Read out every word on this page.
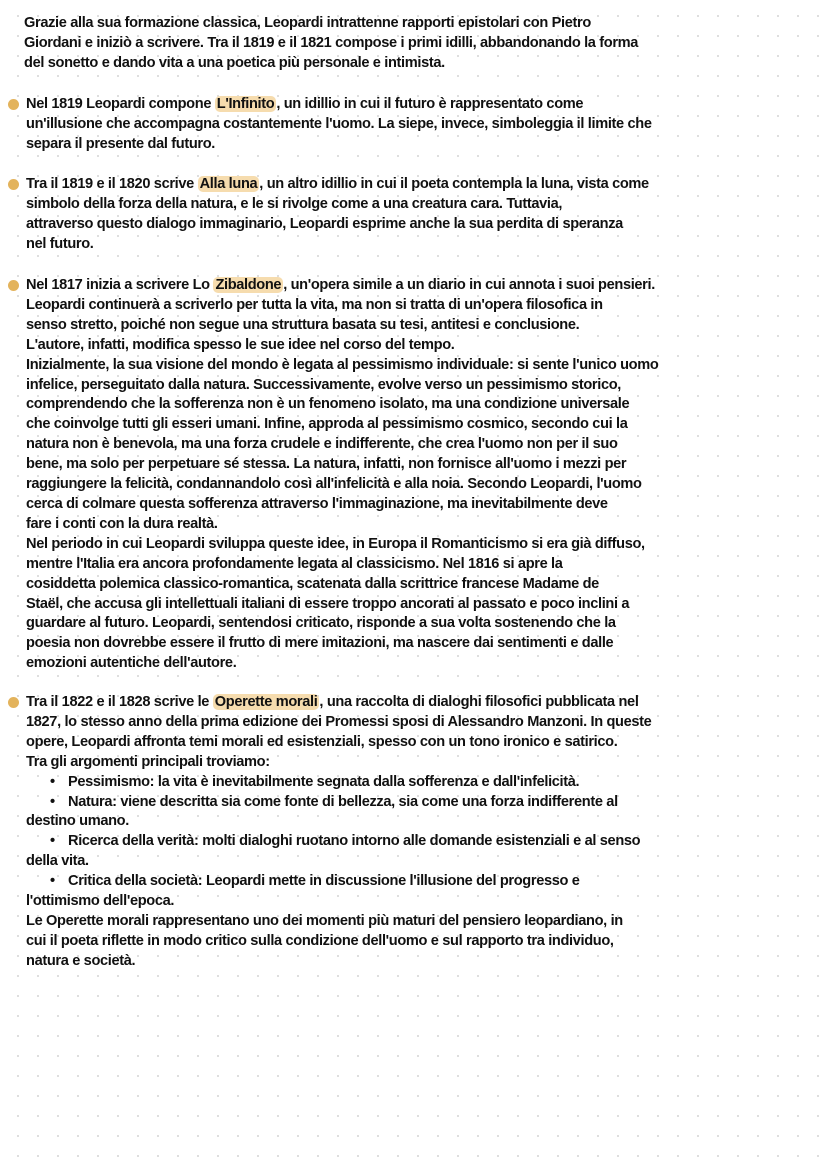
Grazie alla sua formazione classica, Leopardi intrattenne rapporti epistolari con Pietro
Giordani e iniziò a scrivere. Tra il 1819 e il 1821 compose i primi idilli, abbandonando la forma
del sonetto e dando vita a una poetica più personale e intimista.
Nel 1819 Leopardi compone L'Infinito , un idillio in cui il futuro è rappresentato come
un'illusione che accompagna costantemente l'uomo. La siepe, invece, simboleggia il limite che
separa il presente dal futuro.
Tra il 1819 e il 1820 scrive Alla luna , un altro idillio in cui il poeta contempla la luna, vista come
simbolo della forza della natura, e le si rivolge come a una creatura cara. Tuttavia,
attraverso questo dialogo immaginario, Leopardi esprime anche la sua perdita di speranza
nel futuro.
Nel 1817 inizia a scrivere Lo Zibaldone , un'opera simile a un diario in cui annota i suoi pensieri.
Leopardi continuerà a scriverlo per tutta la vita, ma non si tratta di un'opera filosofica in
senso stretto, poiché non segue una struttura basata su tesi, antitesi e conclusione.
L'autore, infatti, modifica spesso le sue idee nel corso del tempo.
Inizialmente, la sua visione del mondo è legata al pessimismo individuale: si sente l'unico uomo
infelice, perseguitato dalla natura. Successivamente, evolve verso un pessimismo storico,
comprendendo che la sofferenza non è un fenomeno isolato, ma una condizione universale
che coinvolge tutti gli esseri umani. Infine, approda al pessimismo cosmico, secondo cui la
natura non è benevola, ma una forza crudele e indifferente, che crea l'uomo non per il suo
bene, ma solo per perpetuare sé stessa. La natura, infatti, non fornisce all'uomo i mezzi per
raggiungere la felicità, condannandolo così all'infelicità e alla noia. Secondo Leopardi, l'uomo
cerca di colmare questa sofferenza attraverso l'immaginazione, ma inevitabilmente deve
fare i conti con la dura realtà.
Nel periodo in cui Leopardi sviluppa queste idee, in Europa il Romanticismo si era già diffuso,
mentre l'Italia era ancora profondamente legata al classicismo. Nel 1816 si apre la
cosiddetta polemica classico-romantica, scatenata dalla scrittrice francese Madame de
Staël, che accusa gli intellettuali italiani di essere troppo ancorati al passato e poco inclini a
guardare al futuro. Leopardi, sentendosi criticato, risponde a sua volta sostenendo che la
poesia non dovrebbe essere il frutto di mere imitazioni, ma nascere dai sentimenti e dalle
emozioni autentiche dell'autore.
Tra il 1822 e il 1828 scrive le Operette morali , una raccolta di dialoghi filosofici pubblicata nel
1827, lo stesso anno della prima edizione dei Promessi sposi di Alessandro Manzoni. In queste
opere, Leopardi affronta temi morali ed esistenziali, spesso con un tono ironico e satirico.
Tra gli argomenti principali troviamo:
• Pessimismo: la vita è inevitabilmente segnata dalla sofferenza e dall'infelicità.
• Natura: viene descritta sia come fonte di bellezza, sia come una forza indifferente al
destino umano.
• Ricerca della verità: molti dialoghi ruotano intorno alle domande esistenziali e al senso
della vita.
• Critica della società: Leopardi mette in discussione l'illusione del progresso e
l'ottimismo dell'epoca.
Le Operette morali rappresentano uno dei momenti più maturi del pensiero leopardiano, in
cui il poeta riflette in modo critico sulla condizione dell'uomo e sul rapporto tra individuo,
natura e società.
